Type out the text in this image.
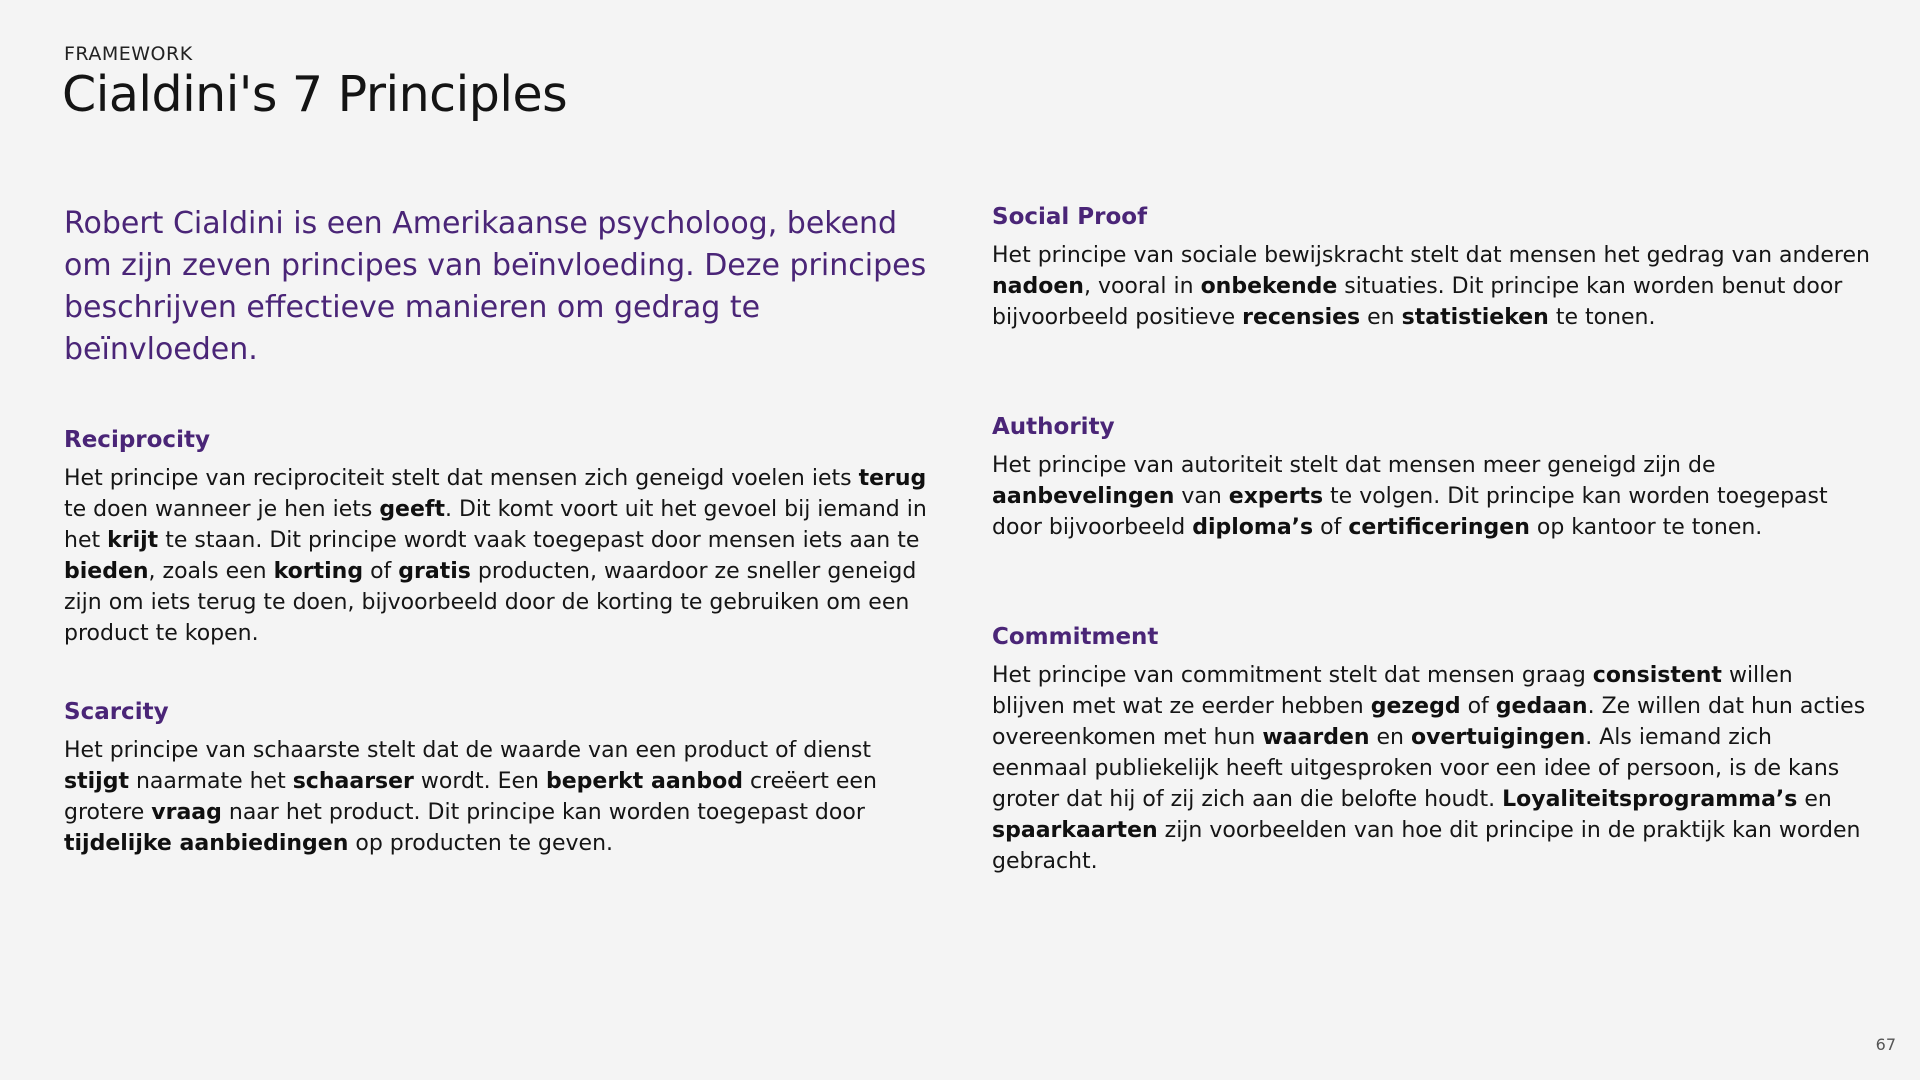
FRAMEWORK
Cialdini's 7 Principles

Robert Cialdini is een Amerikaanse psycholoog, bekend om zijn zeven principes van beïnvloeding. Deze principes beschrijven effectieve manieren om gedrag te beïnvloeden.

Reciprocity

Het principe van reciprociteit stelt dat mensen zich geneigd voelen iets terug te doen wanneer je hen iets geeft. Dit komt voort uit het gevoel bij iemand in het krijt te staan. Dit principe wordt vaak toegepast door mensen iets aan te bieden, zoals een korting of gratis producten, waardoor ze sneller geneigd zijn om iets terug te doen, bijvoorbeeld door de korting te gebruiken om een product te kopen.

Scarcity

Het principe van schaarste stelt dat de waarde van een product of dienst stijgt naarmate het schaarser wordt. Een beperkt aanbod creëert een grotere vraag naar het product. Dit principe kan worden toegepast door tijdelijke aanbiedingen op producten te geven.

Social Proof

Het principe van sociale bewijskracht stelt dat mensen het gedrag van anderen nadoen, vooral in onbekende situaties. Dit principe kan worden benut door bijvoorbeeld positieve recensies en statistieken te tonen.

Authority

Het principe van autoriteit stelt dat mensen meer geneigd zijn de aanbevelingen van experts te volgen. Dit principe kan worden toegepast door bijvoorbeeld diploma’s of certificeringen op kantoor te tonen.

Commitment

Het principe van commitment stelt dat mensen graag consistent willen blijven met wat ze eerder hebben gezegd of gedaan. Ze willen dat hun acties overeenkomen met hun waarden en overtuigingen. Als iemand zich eenmaal publiekelijk heeft uitgesproken voor een idee of persoon, is de kans groter dat hij of zij zich aan die belofte houdt. Loyaliteitsprogramma’s en spaarkaarten zijn voorbeelden van hoe dit principe in de praktijk kan worden gebracht.

67
